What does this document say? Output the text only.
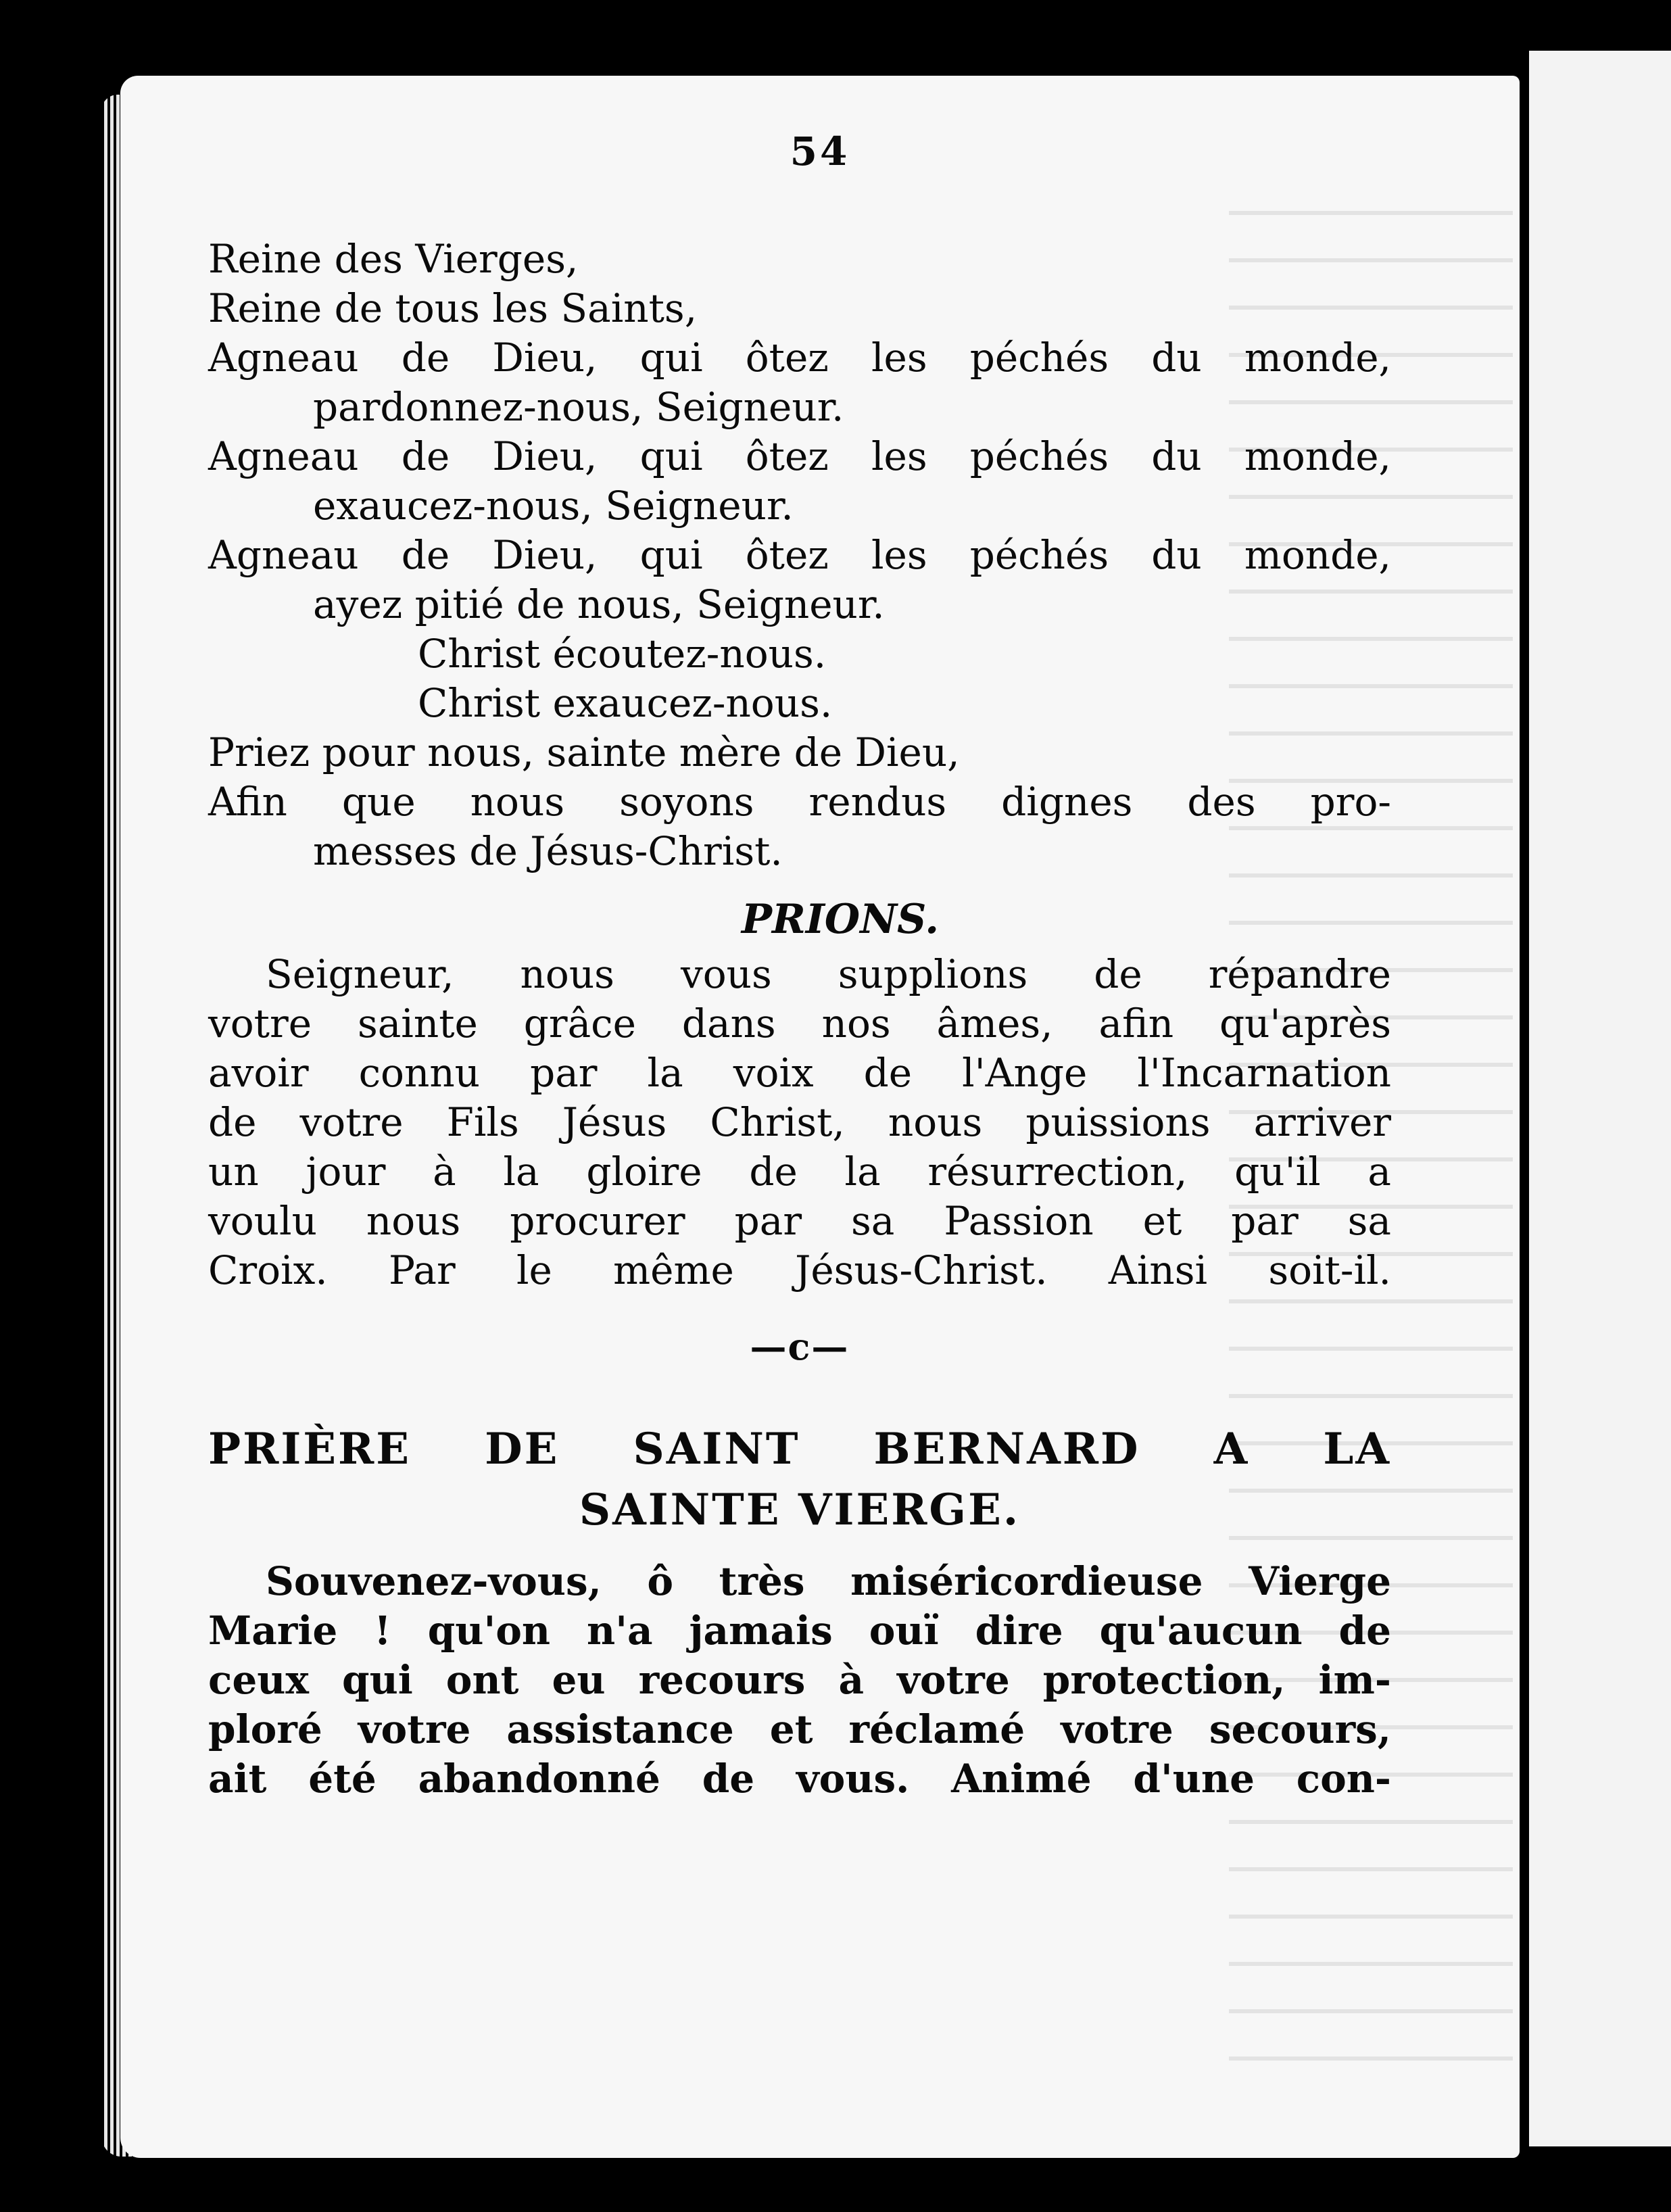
54
Reine des Vierges,
Reine de tous les Saints,
Agneau de Dieu, qui ôtez les péchés du monde,
pardonnez-nous, Seigneur.
Agneau de Dieu, qui ôtez les péchés du monde,
exaucez-nous, Seigneur.
Agneau de Dieu, qui ôtez les péchés du monde,
ayez pitié de nous, Seigneur.
Christ écoutez-nous.
Christ exaucez-nous.
Priez pour nous, sainte mère de Dieu,
Afin que nous soyons rendus dignes des pro-
messes de Jésus-Christ.
PRIONS.
Seigneur, nous vous supplions de répandre
votre sainte grâce dans nos âmes, afin qu'après
avoir connu par la voix de l'Ange l'Incarnation
de votre Fils Jésus Christ, nous puissions arriver
un jour à la gloire de la résurrection, qu'il a
voulu nous procurer par sa Passion et par sa
Croix. Par le même Jésus-Christ. Ainsi soit-il.
—c—
PRIÈRE DE SAINT BERNARD A LA
SAINTE VIERGE.
Souvenez-vous, ô très miséricordieuse Vierge
Marie ! qu'on n'a jamais ouï dire qu'aucun de
ceux qui ont eu recours à votre protection, im-
ploré votre assistance et réclamé votre secours,
ait été abandonné de vous. Animé d'une con-
